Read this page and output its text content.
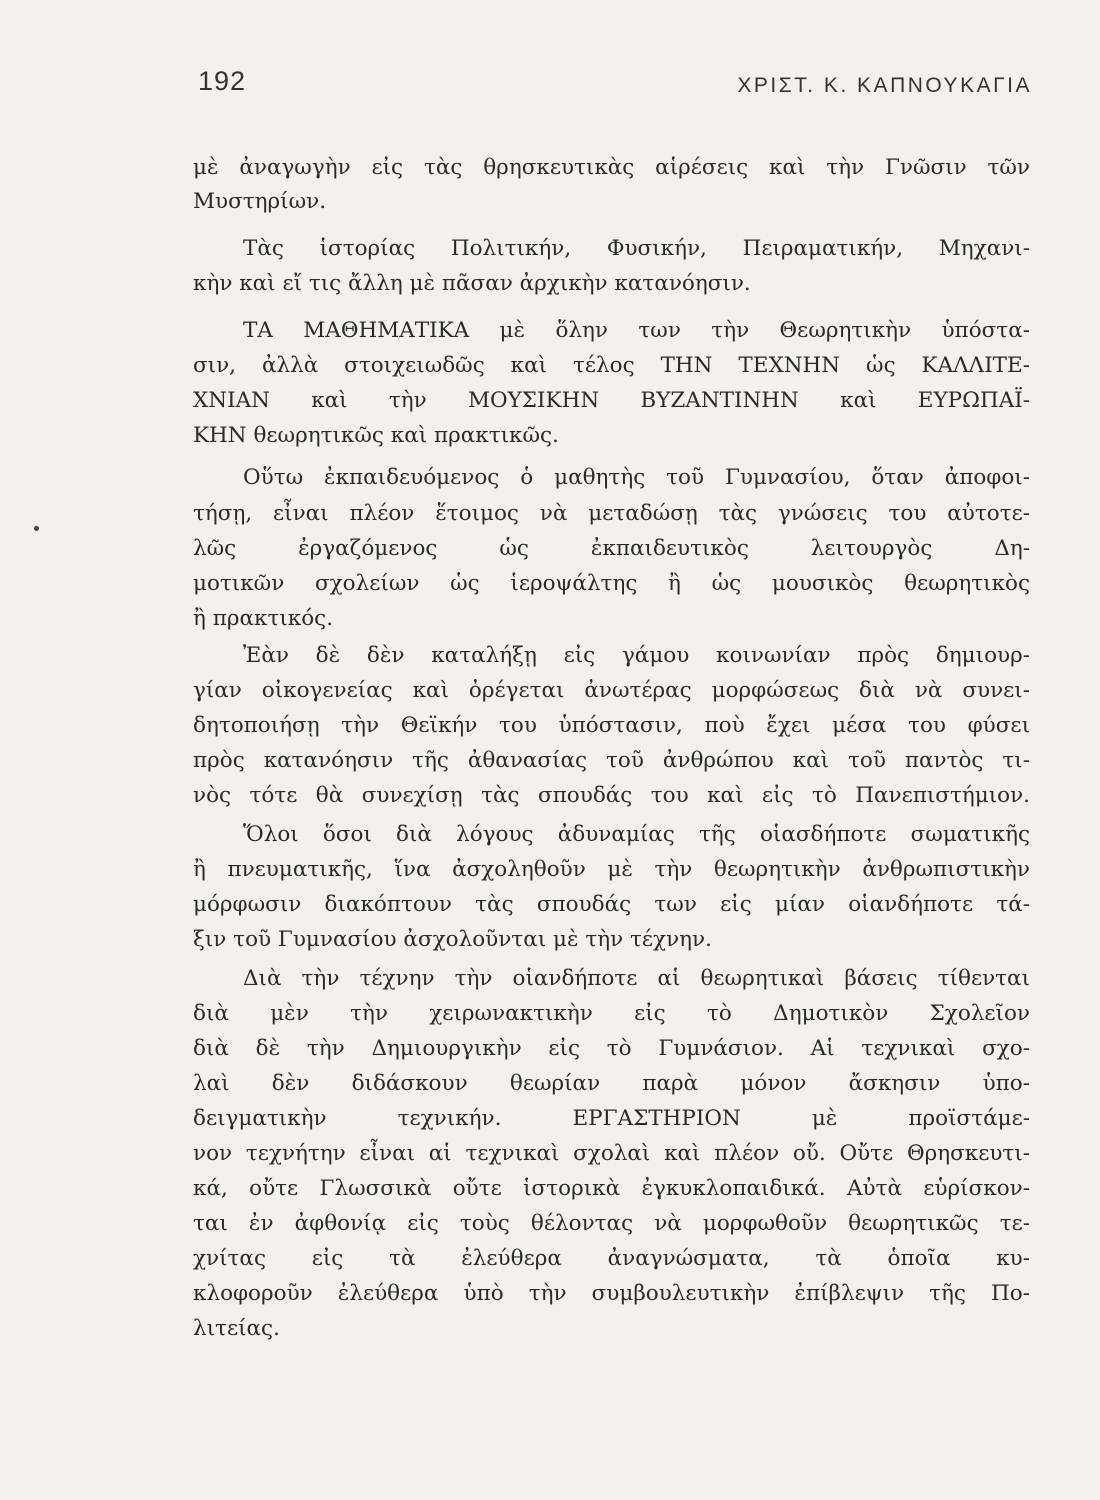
192	ΧΡΙΣΤ. Κ. ΚΑΠΝΟΥΚΑΓΙΑ
μὲ ἀναγωγὴν εἰς τὰς θρησκευτικὰς αἱρέσεις καὶ τὴν Γνῶσιν τῶν
Μυστηρίων.
Τὰς ἱστορίας Πολιτικήν, Φυσικήν, Πειραματικήν, Μηχανι-
κὴν καὶ εἴ τις ἄλλη μὲ πᾶσαν ἀρχικὴν κατανόησιν.
ΤΑ ΜΑΘΗΜΑΤΙΚΑ μὲ ὅλην των τὴν Θεωρητικὴν ὑπόστα-
σιν, ἀλλὰ στοιχειωδῶς καὶ τέλος ΤΗΝ ΤΕΧΝΗΝ ὡς ΚΑΛΛΙΤΕ-
ΧΝΙΑΝ καὶ τὴν ΜΟΥΣΙΚΗΝ ΒΥΖΑΝΤΙΝΗΝ καὶ ΕΥΡΩΠΑΪ-
ΚΗΝ θεωρητικῶς καὶ πρακτικῶς.
Οὕτω ἐκπαιδευόμενος ὁ μαθητὴς τοῦ Γυμνασίου, ὅταν ἀποφοι-
τήσῃ, εἶναι πλέον ἕτοιμος νὰ μεταδώσῃ τὰς γνώσεις του αὐτοτε-
λῶς ἐργαζόμενος ὡς ἐκπαιδευτικὸς λειτουργὸς Δη-
μοτικῶν σχολείων ὡς ἱεροψάλτης ἢ ὡς μουσικὸς θεωρητικὸς
ἢ πρακτικός.
Ἐὰν δὲ δὲν καταλήξῃ εἰς γάμου κοινωνίαν πρὸς δημιουρ-
γίαν οἰκογενείας καὶ ὀρέγεται ἀνωτέρας μορφώσεως διὰ νὰ συνει-
δητοποιήσῃ τὴν Θεϊκήν του ὑπόστασιν, ποὺ ἔχει μέσα του φύσει
πρὸς κατανόησιν τῆς ἀθανασίας τοῦ ἀνθρώπου καὶ τοῦ παντὸς τι-
νὸς τότε θὰ συνεχίσῃ τὰς σπουδάς του καὶ εἰς τὸ Πανεπιστήμιον.
Ὅλοι ὅσοι διὰ λόγους ἀδυναμίας τῆς οἱασδήποτε σωματικῆς
ἢ πνευματικῆς, ἵνα ἀσχοληθοῦν μὲ τὴν θεωρητικὴν ἀνθρωπιστικὴν
μόρφωσιν διακόπτουν τὰς σπουδάς των εἰς μίαν οἱανδήποτε τά-
ξιν τοῦ Γυμνασίου ἀσχολοῦνται μὲ τὴν τέχνην.
Διὰ τὴν τέχνην τὴν οἱανδήποτε αἱ θεωρητικαὶ βάσεις τίθενται
διὰ μὲν τὴν χειρωνακτικὴν εἰς τὸ Δημοτικὸν Σχολεῖον
διὰ δὲ τὴν Δημιουργικὴν εἰς τὸ Γυμνάσιον. Αἱ τεχνικαὶ σχο-
λαὶ δὲν διδάσκουν θεωρίαν παρὰ μόνον ἄσκησιν ὑπο-
δειγματικὴν τεχνικήν. ΕΡΓΑΣΤΗΡΙΟΝ μὲ προϊστάμε-
νον τεχνήτην εἶναι αἱ τεχνικαὶ σχολαὶ καὶ πλέον οὔ. Οὔτε Θρησκευτι-
κά, οὔτε Γλωσσικὰ οὔτε ἱστορικὰ ἐγκυκλοπαιδικά. Αὐτὰ εὑρίσκον-
ται ἐν ἀφθονίᾳ εἰς τοὺς θέλοντας νὰ μορφωθοῦν θεωρητικῶς τε-
χνίτας εἰς τὰ ἐλεύθερα ἀναγνώσματα, τὰ ὁποῖα κυ-
κλοφοροῦν ἐλεύθερα ὑπὸ τὴν συμβουλευτικὴν ἐπίβλεψιν τῆς Πο-
λιτείας.
